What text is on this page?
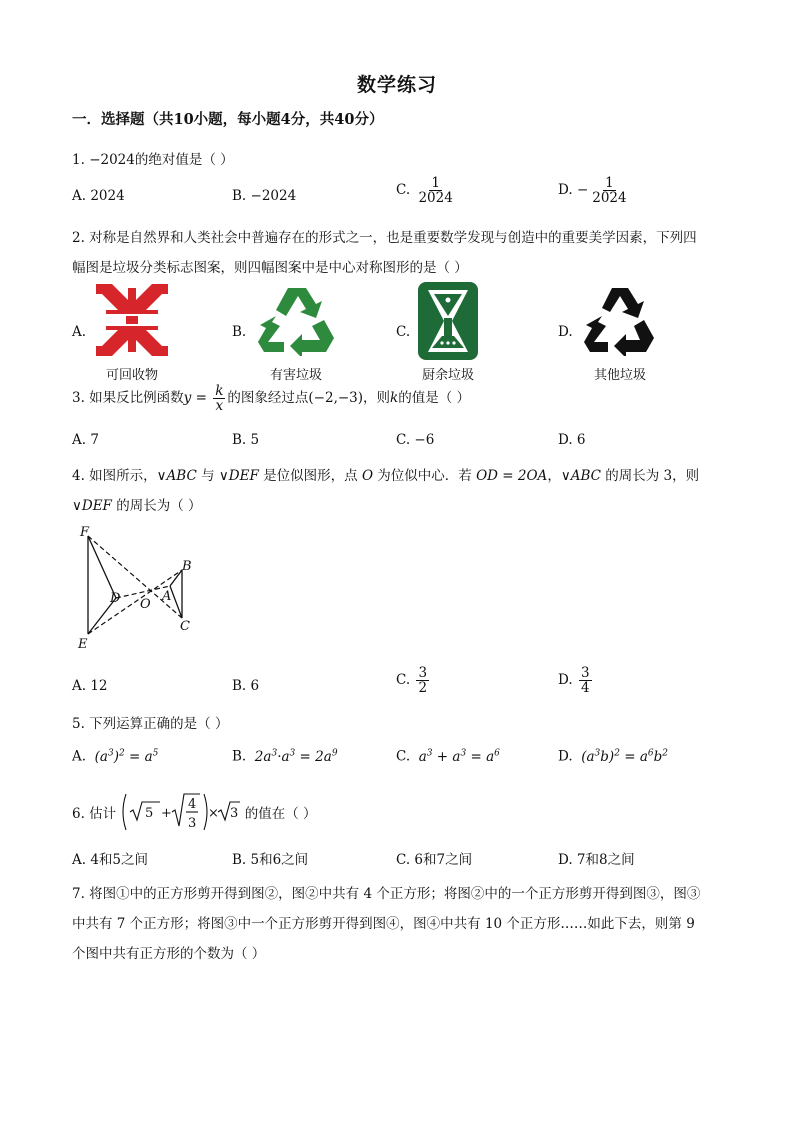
数学练习
一．选择题（共10小题，每小题4分，共40分）
1. −2024的绝对值是（ ）
A. 2024	B. −2024	C. $\frac{1}{2024}$	D. − $\frac{1}{2024}$
2. 对称是自然界和人类社会中普遍存在的形式之一，也是重要数学发现与创造中的重要美学因素，下列四
幅图是垃圾分类标志图案，则四幅图案中是中心对称图形的是（ ）
A.	B.	C.	D.
可回收物	有害垃圾	厨余垃圾	其他垃圾
3. 如果反比例函数$y = \frac{k}{x}$ 的图象经过点(−2,−3)，则k的值是（ ）
A. 7	B. 5	C. −6	D. 6
4. 如图所示，∨ABC 与 ∨DEF 是位似图形，点 O 为位似中心．若 OD = 2OA，∨ABC 的周长为 3，则
∨DEF 的周长为（ ）
F
B
D O
A
C
E
A. 12	B. 6	C. $\frac{3}{2}$	D. $\frac{3}{4}$
5. 下列运算正确的是（ ）
A.  $(a^3)^2 = a^5$	B.  $2a^3\cdot a^3 = 2a^9$	C.  $a^3 + a^3 = a^6$	D.  $(a^3b)^2 = a^6b^2$
6. 估计 5 +
4
3
× 3 的值在（ ）
A. 4和5之间	B. 5和6之间	C. 6和7之间	D. 7和8之间
7. 将图①中的正方形剪开得到图②，图②中共有 4 个正方形；将图②中的一个正方形剪开得到图③，图③
中共有 7 个正方形；将图③中一个正方形剪开得到图④，图④中共有 10 个正方形……如此下去，则第 9
个图中共有正方形的个数为（ ）
